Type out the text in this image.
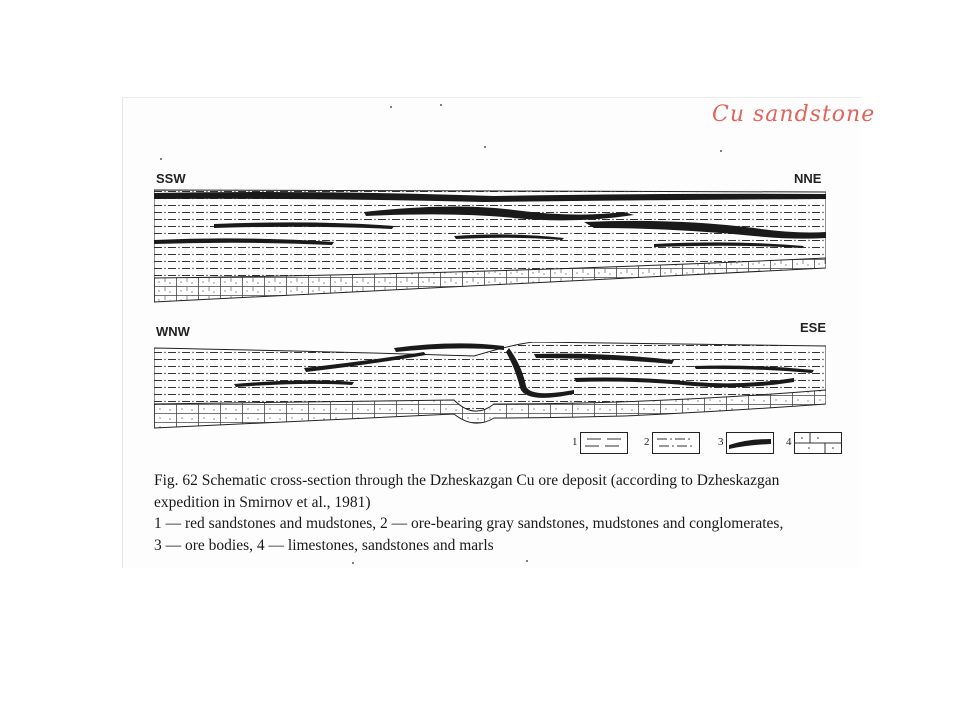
Cu sandstone
SSW	NNE
WNW	ESE
1	2	3	4
Fig. 62 Schematic cross-section through the Dzheskazgan Cu ore deposit (according to Dzheskazgan
expedition in Smirnov et al., 1981)
1 — red sandstones and mudstones, 2 — ore-bearing gray sandstones, mudstones and conglomerates,
3 — ore bodies, 4 — limestones, sandstones and marls
